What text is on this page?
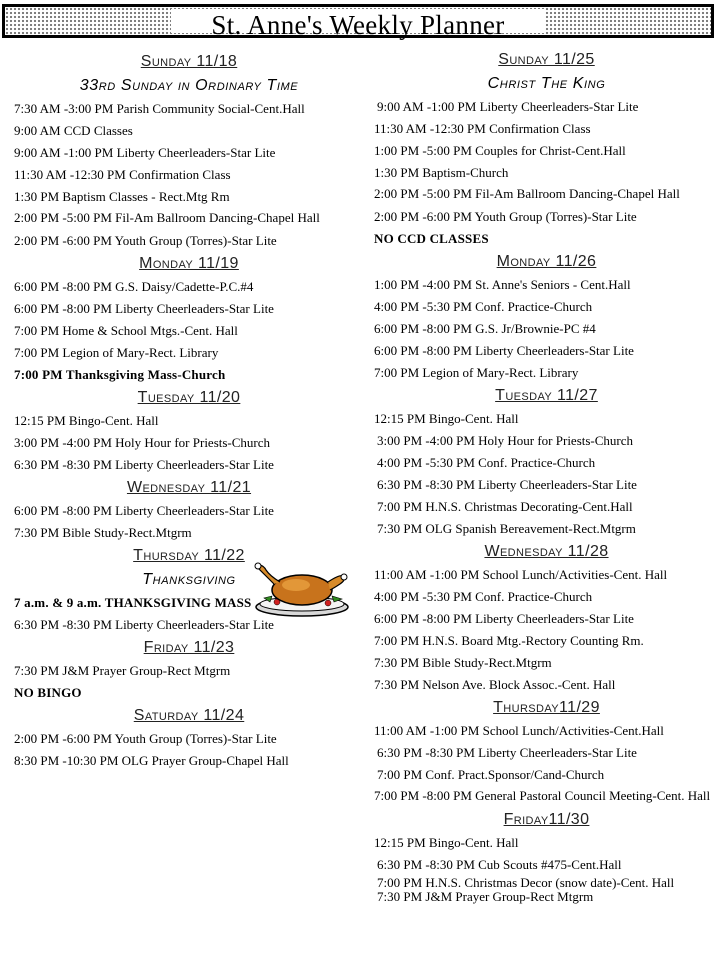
St. Anne's Weekly Planner
Sunday 11/18
33rd Sunday in Ordinary Time
7:30 AM -3:00 PM Parish Community Social-Cent.Hall
9:00 AM CCD Classes
9:00 AM -1:00 PM Liberty Cheerleaders-Star Lite
11:30 AM -12:30 PM Confirmation Class
1:30 PM Baptism Classes - Rect.Mtg Rm
2:00 PM -5:00 PM Fil-Am Ballroom Dancing-Chapel Hall
2:00 PM -6:00 PM Youth Group (Torres)-Star Lite
Monday 11/19
6:00 PM -8:00 PM G.S. Daisy/Cadette-P.C.#4
6:00 PM -8:00 PM Liberty Cheerleaders-Star Lite
7:00 PM Home & School Mtgs.-Cent. Hall
7:00 PM Legion of Mary-Rect. Library
7:00 PM Thanksgiving Mass-Church
Tuesday 11/20
12:15 PM Bingo-Cent. Hall
3:00 PM -4:00 PM Holy Hour for Priests-Church
6:30 PM -8:30 PM Liberty Cheerleaders-Star Lite
Wednesday 11/21
6:00 PM -8:00 PM Liberty Cheerleaders-Star Lite
7:30 PM Bible Study-Rect.Mtgrm
Thursday 11/22
Thanksgiving
7 a.m. & 9 a.m. THANKSGIVING MASS
6:30 PM -8:30 PM Liberty Cheerleaders-Star Lite
Friday 11/23
7:30 PM J&M Prayer Group-Rect Mtgrm
NO BINGO
Saturday 11/24
2:00 PM -6:00 PM Youth Group (Torres)-Star Lite
8:30 PM -10:30 PM OLG Prayer Group-Chapel Hall
Sunday 11/25
Christ The King
9:00 AM -1:00 PM Liberty Cheerleaders-Star Lite
11:30 AM -12:30 PM Confirmation Class
1:00 PM -5:00 PM Couples for Christ-Cent.Hall
1:30 PM Baptism-Church
2:00 PM -5:00 PM Fil-Am Ballroom Dancing-Chapel Hall
2:00 PM -6:00 PM Youth Group (Torres)-Star Lite
NO CCD CLASSES
Monday 11/26
1:00 PM -4:00 PM St. Anne's Seniors - Cent.Hall
4:00 PM -5:30 PM Conf. Practice-Church
6:00 PM -8:00 PM G.S. Jr/Brownie-PC #4
6:00 PM -8:00 PM Liberty Cheerleaders-Star Lite
7:00 PM Legion of Mary-Rect. Library
Tuesday 11/27
12:15 PM Bingo-Cent. Hall
3:00 PM -4:00 PM Holy Hour for Priests-Church
4:00 PM -5:30 PM Conf. Practice-Church
6:30 PM -8:30 PM Liberty Cheerleaders-Star Lite
7:00 PM H.N.S. Christmas Decorating-Cent.Hall
7:30 PM OLG Spanish Bereavement-Rect.Mtgrm
Wednesday 11/28
11:00 AM -1:00 PM School Lunch/Activities-Cent. Hall
4:00 PM -5:30 PM Conf. Practice-Church
6:00 PM -8:00 PM Liberty Cheerleaders-Star Lite
7:00 PM H.N.S. Board Mtg.-Rectory Counting Rm.
7:30 PM Bible Study-Rect.Mtgrm
7:30 PM Nelson Ave. Block Assoc.-Cent. Hall
Thursday11/29
11:00 AM -1:00 PM School Lunch/Activities-Cent.Hall
6:30 PM -8:30 PM Liberty Cheerleaders-Star Lite
7:00 PM Conf. Pract.Sponsor/Cand-Church
7:00 PM -8:00 PM General Pastoral Council Meeting-Cent. Hall
Friday11/30
12:15 PM Bingo-Cent. Hall
6:30 PM -8:30 PM Cub Scouts #475-Cent.Hall
7:00 PM H.N.S. Christmas Decor (snow date)-Cent. Hall
7:30 PM J&M Prayer Group-Rect Mtgrm
